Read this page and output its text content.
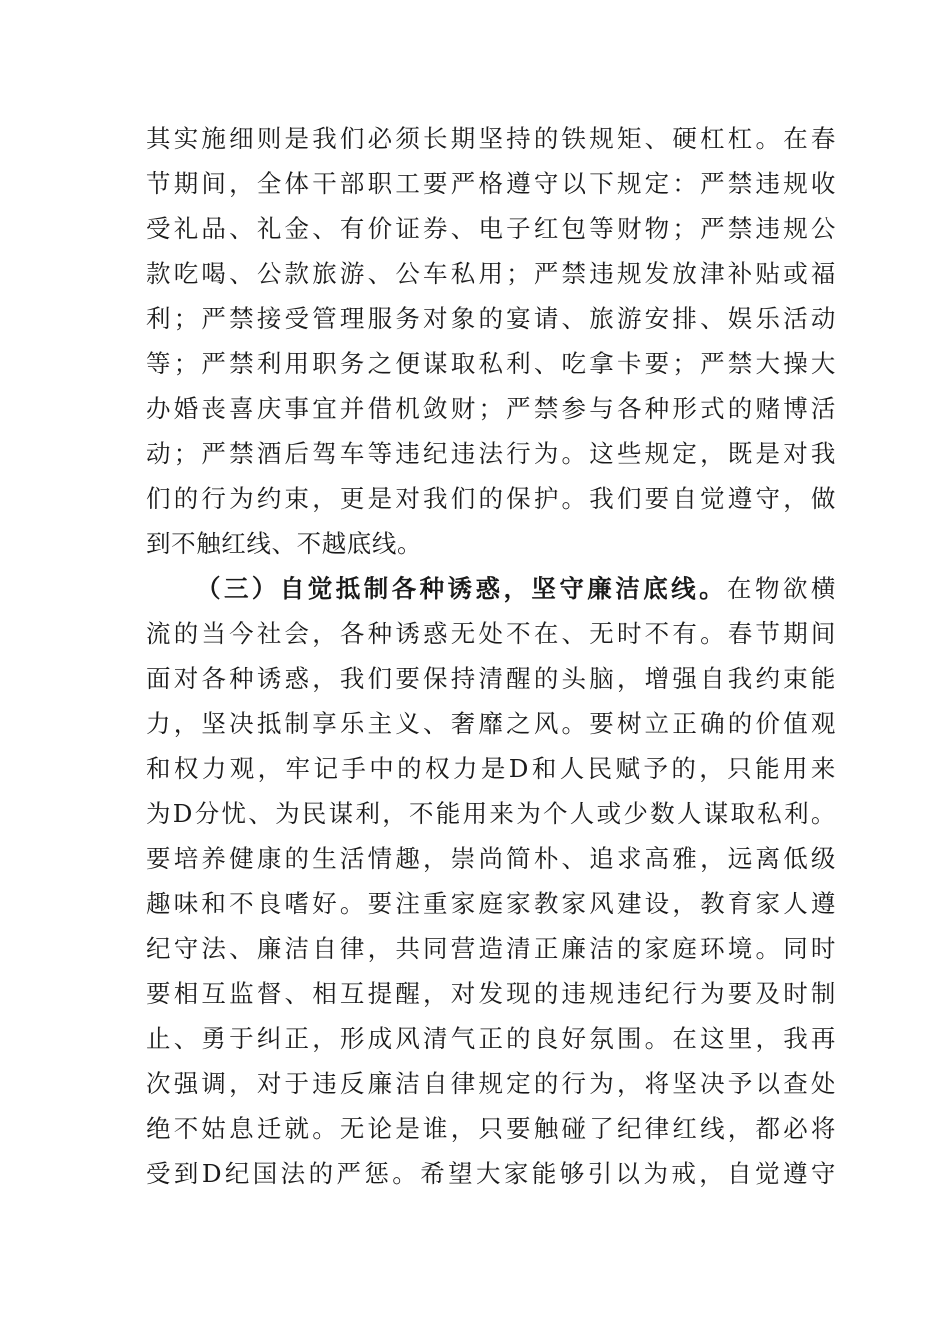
其实施细则是我们必须长期坚持的铁规矩、硬杠杠。在春
节期间，全体干部职工要严格遵守以下规定：严禁违规收
受礼品、礼金、有价证券、电子红包等财物；严禁违规公
款吃喝、公款旅游、公车私用；严禁违规发放津补贴或福
利；严禁接受管理服务对象的宴请、旅游安排、娱乐活动
等；严禁利用职务之便谋取私利、吃拿卡要；严禁大操大
办婚丧喜庆事宜并借机敛财；严禁参与各种形式的赌博活
动；严禁酒后驾车等违纪违法行为。这些规定，既是对我
们的行为约束，更是对我们的保护。我们要自觉遵守，做
到不触红线、不越底线。
（三）自觉抵制各种诱惑，坚守廉洁底线。在物欲横
流的当今社会，各种诱惑无处不在、无时不有。春节期间
面对各种诱惑，我们要保持清醒的头脑，增强自我约束能
力，坚决抵制享乐主义、奢靡之风。要树立正确的价值观
和权力观，牢记手中的权力是D和人民赋予的，只能用来
为D分忧、为民谋利，不能用来为个人或少数人谋取私利。
要培养健康的生活情趣，崇尚简朴、追求高雅，远离低级
趣味和不良嗜好。要注重家庭家教家风建设，教育家人遵
纪守法、廉洁自律，共同营造清正廉洁的家庭环境。同时
要相互监督、相互提醒，对发现的违规违纪行为要及时制
止、勇于纠正，形成风清气正的良好氛围。在这里，我再
次强调，对于违反廉洁自律规定的行为，将坚决予以查处
绝不姑息迁就。无论是谁，只要触碰了纪律红线，都必将
受到D纪国法的严惩。希望大家能够引以为戒，自觉遵守
